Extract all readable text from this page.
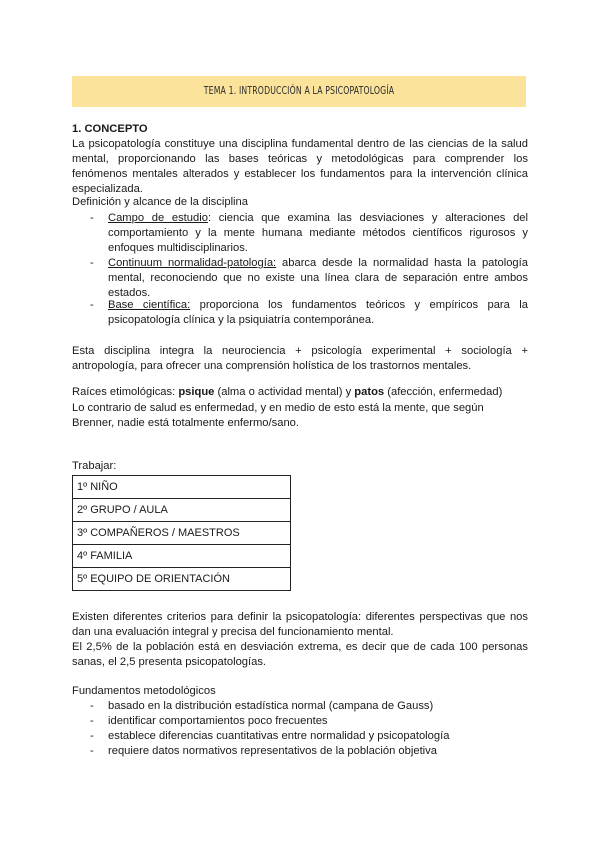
TEMA 1. INTRODUCCIÓN A LA PSICOPATOLOGÍA
1. CONCEPTO
La psicopatología constituye una disciplina fundamental dentro de las ciencias de la salud mental, proporcionando las bases teóricas y metodológicas para comprender los fenómenos mentales alterados y establecer los fundamentos para la intervención clínica especializada.
Definición y alcance de la disciplina
-	Campo de estudio: ciencia que examina las desviaciones y alteraciones del comportamiento y la mente humana mediante métodos científicos rigurosos y enfoques multidisciplinarios.
-	Continuum normalidad-patología: abarca desde la normalidad hasta la patología mental, reconociendo que no existe una línea clara de separación entre ambos estados.
-	Base científica: proporciona los fundamentos teóricos y empíricos para la psicopatología clínica y la psiquiatría contemporánea.
Esta disciplina integra la neurociencia + psicología experimental + sociología + antropología, para ofrecer una comprensión holística de los trastornos mentales.
Raíces etimológicas: psique (alma o actividad mental) y patos (afección, enfermedad)
Lo contrario de salud es enfermedad, y en medio de esto está la mente, que según Brenner, nadie está totalmente enfermo/sano.
Trabajar:
1º NIÑO
2º GRUPO / AULA
3º COMPAÑEROS / MAESTROS
4º FAMILIA
5º EQUIPO DE ORIENTACIÓN
Existen diferentes criterios para definir la psicopatología: diferentes perspectivas que nos dan una evaluación integral y precisa del funcionamiento mental.
El 2,5% de la población está en desviación extrema, es decir que de cada 100 personas sanas, el 2,5 presenta psicopatologías.
Fundamentos metodológicos
-	basado en la distribución estadística normal (campana de Gauss)
-	identificar comportamientos poco frecuentes
-	establece diferencias cuantitativas entre normalidad y psicopatología
-	requiere datos normativos representativos de la población objetiva
